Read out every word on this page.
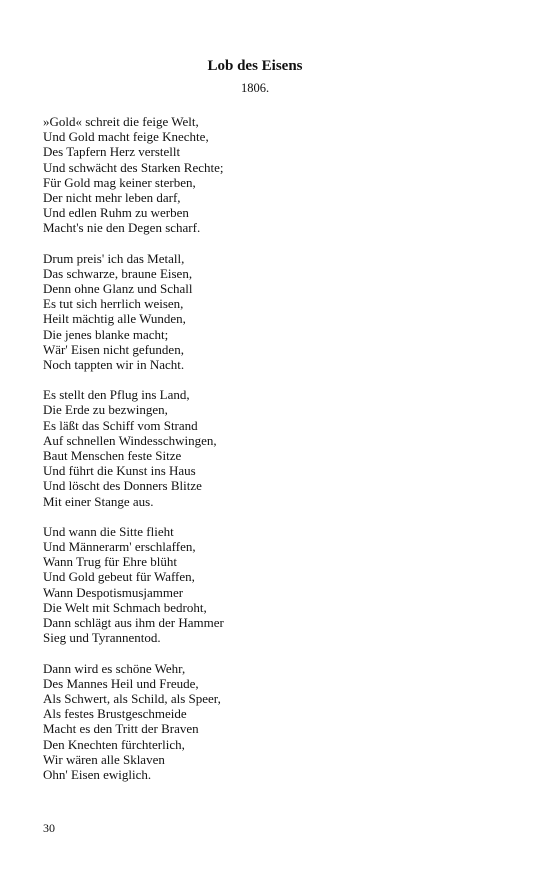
Lob des Eisens

1806.

»Gold« schreit die feige Welt,
Und Gold macht feige Knechte,
Des Tapfern Herz verstellt
Und schwächt des Starken Rechte;
Für Gold mag keiner sterben,
Der nicht mehr leben darf,
Und edlen Ruhm zu werben
Macht's nie den Degen scharf.
Drum preis' ich das Metall,
Das schwarze, braune Eisen,
Denn ohne Glanz und Schall
Es tut sich herrlich weisen,
Heilt mächtig alle Wunden,
Die jenes blanke macht;
Wär' Eisen nicht gefunden,
Noch tappten wir in Nacht.
Es stellt den Pflug ins Land,
Die Erde zu bezwingen,
Es läßt das Schiff vom Strand
Auf schnellen Windesschwingen,
Baut Menschen feste Sitze
Und führt die Kunst ins Haus
Und löscht des Donners Blitze
Mit einer Stange aus.
Und wann die Sitte flieht
Und Männerarm' erschlaffen,
Wann Trug für Ehre blüht
Und Gold gebeut für Waffen,
Wann Despotismusjammer
Die Welt mit Schmach bedroht,
Dann schlägt aus ihm der Hammer
Sieg und Tyrannentod.
Dann wird es schöne Wehr,
Des Mannes Heil und Freude,
Als Schwert, als Schild, als Speer,
Als festes Brustgeschmeide
Macht es den Tritt der Braven
Den Knechten fürchterlich,
Wir wären alle Sklaven
Ohn' Eisen ewiglich.

30
